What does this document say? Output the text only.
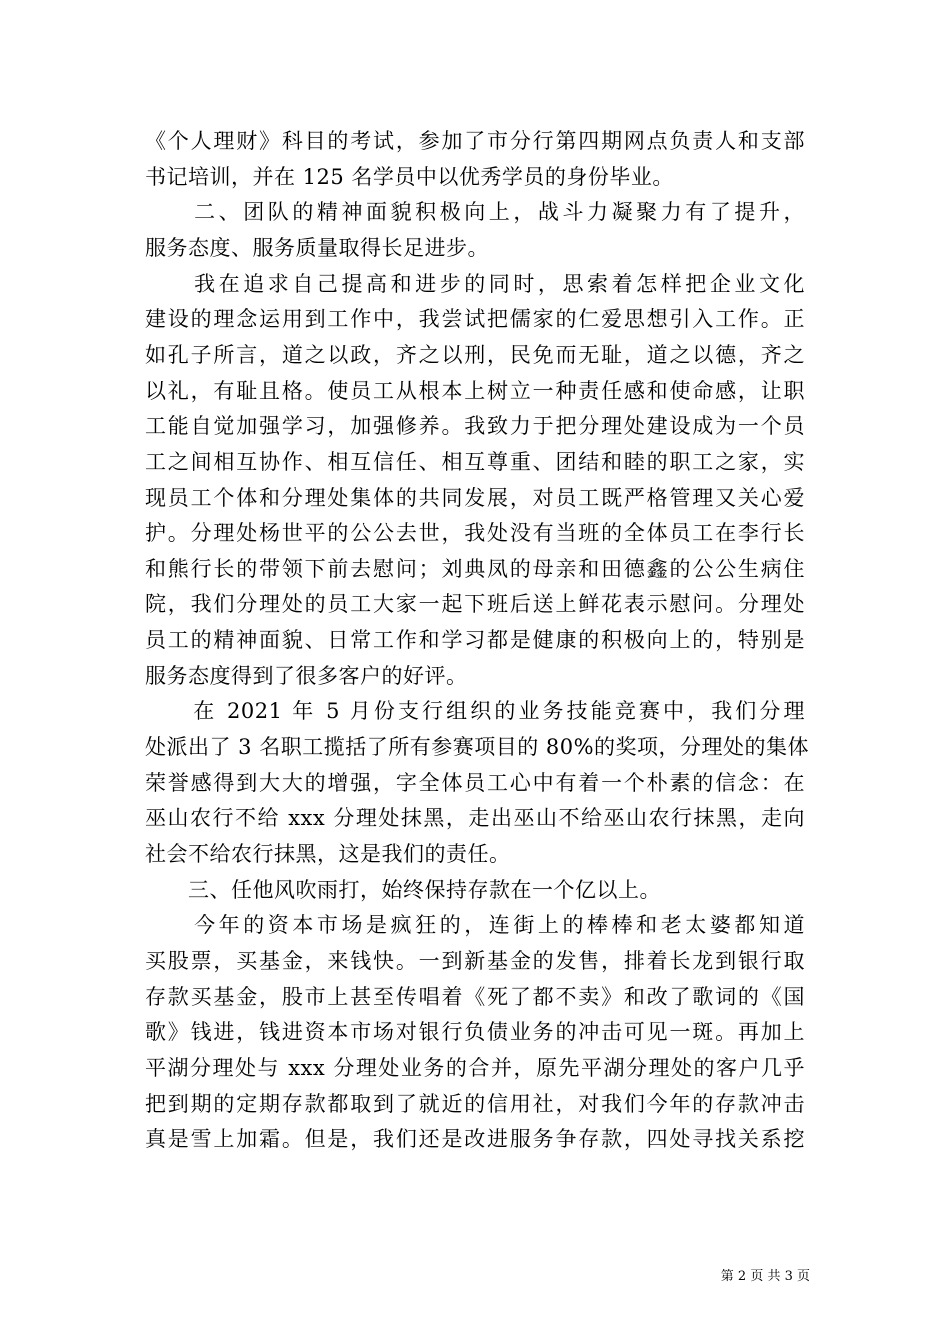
《个人理财》科目的考试，参加了市分行第四期网点负责人和支部
书记培训，并在 125 名学员中以优秀学员的身份毕业。
　　二、团队的精神面貌积极向上，战斗力凝聚力有了提升，
服务态度、服务质量取得长足进步。
　　我在追求自己提高和进步的同时，思索着怎样把企业文化
建设的理念运用到工作中，我尝试把儒家的仁爱思想引入工作。正
如孔子所言，道之以政，齐之以刑，民免而无耻，道之以德，齐之
以礼，有耻且格。使员工从根本上树立一种责任感和使命感，让职
工能自觉加强学习，加强修养。我致力于把分理处建设成为一个员
工之间相互协作、相互信任、相互尊重、团结和睦的职工之家，实
现员工个体和分理处集体的共同发展，对员工既严格管理又关心爱
护。分理处杨世平的公公去世，我处没有当班的全体员工在李行长
和熊行长的带领下前去慰问；刘典凤的母亲和田德鑫的公公生病住
院，我们分理处的员工大家一起下班后送上鲜花表示慰问。分理处
员工的精神面貌、日常工作和学习都是健康的积极向上的，特别是
服务态度得到了很多客户的好评。
　　在 2021 年 5 月份支行组织的业务技能竞赛中，我们分理
处派出了 3 名职工揽括了所有参赛项目的 80%的奖项，分理处的集体
荣誉感得到大大的增强，字全体员工心中有着一个朴素的信念：在
巫山农行不给 xxx 分理处抹黑，走出巫山不给巫山农行抹黑，走向
社会不给农行抹黑，这是我们的责任。
　　三、任他风吹雨打，始终保持存款在一个亿以上。
　　今年的资本市场是疯狂的，连街上的棒棒和老太婆都知道
买股票，买基金，来钱快。一到新基金的发售，排着长龙到银行取
存款买基金，股市上甚至传唱着《死了都不卖》和改了歌词的《国
歌》钱进，钱进资本市场对银行负债业务的冲击可见一斑。再加上
平湖分理处与 xxx 分理处业务的合并，原先平湖分理处的客户几乎
把到期的定期存款都取到了就近的信用社，对我们今年的存款冲击
真是雪上加霜。但是，我们还是改进服务争存款，四处寻找关系挖
第 2 页 共 3 页
